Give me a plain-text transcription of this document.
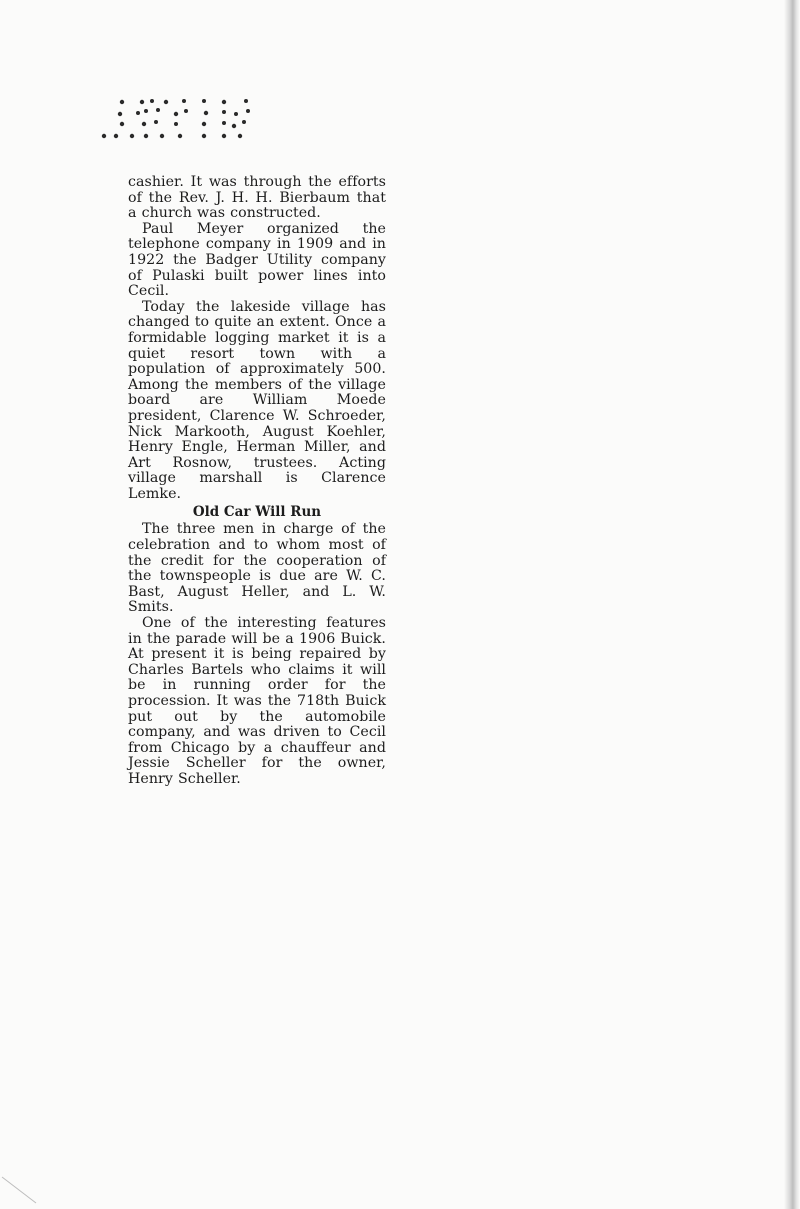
cashier. It was through the efforts of the Rev. J. H. H. Bierbaum that a church was constructed.

Paul Meyer organized the telephone company in 1909 and in 1922 the Badger Utility company of Pulaski built power lines into Cecil.

Today the lakeside village has changed to quite an extent. Once a formidable logging market it is a quiet resort town with a population of approximately 500. Among the members of the village board are William Moede president, Clarence W. Schroeder, Nick Markooth, August Koehler, Henry Engle, Herman Miller, and Art Rosnow, trustees. Acting village marshall is Clarence Lemke.

Old Car Will Run

The three men in charge of the celebration and to whom most of the credit for the cooperation of the townspeople is due are W. C. Bast, August Heller, and L. W. Smits.

One of the interesting features in the parade will be a 1906 Buick. At present it is being repaired by Charles Bartels who claims it will be in running order for the procession. It was the 718th Buick put out by the automobile company, and was driven to Cecil from Chicago by a chauffeur and Jessie Scheller for the owner, Henry Scheller.
